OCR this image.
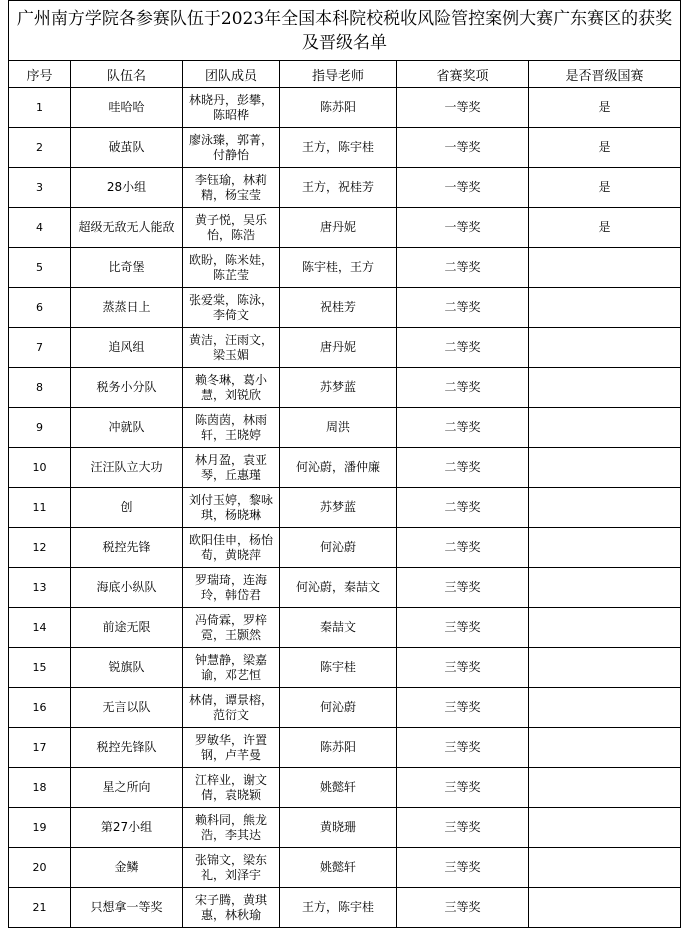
广州南方学院各参赛队伍于2023年全国本科院校税收风险管控案例大赛广东赛区的获奖及晋级名单					
序号	队伍名	团队成员	指导老师	省赛奖项	是否晋级国赛
1	哇哈哈	林晓丹，彭攀，陈昭桦	陈苏阳	一等奖	是
2	破茧队	廖泳臻，郭菁，付静怡	王方，陈宇桂	一等奖	是
3	28小组	李钰瑜，林莉精，杨宝莹	王方，祝桂芳	一等奖	是
4	超级无敌无人能敌	黄子悦，吴乐怡，陈浩	唐丹妮	一等奖	是
5	比奇堡	欧盼，陈米娃，陈芷莹	陈宇桂，王方	二等奖	
6	蒸蒸日上	张爱棠，陈泳，李倚文	祝桂芳	二等奖	
7	追风组	黄洁，汪雨文，梁玉媚	唐丹妮	二等奖	
8	税务小分队	赖冬琳，葛小慧，刘锐欣	苏梦蓝	二等奖	
9	冲就队	陈茵茵，林雨轩，王晓婷	周洪	二等奖	
10	汪汪队立大功	林月盈，袁亚琴，丘惠瑾	何沁蔚，潘仲廉	二等奖	
11	创	刘付玉婷，黎咏琪，杨晓琳	苏梦蓝	二等奖	
12	税控先锋	欧阳佳申，杨怡荀，黄晓萍	何沁蔚	二等奖	
13	海底小纵队	罗瑞琦，连海玲，韩岱君	何沁蔚，秦喆文	三等奖	
14	前途无限	冯倚霖，罗梓霓，王颢然	秦喆文	三等奖	
15	锐旗队	钟慧静，梁嘉谕，邓艺恒	陈宇桂	三等奖	
16	无言以队	林倩，谭景榕，范衍文	何沁蔚	三等奖	
17	税控先锋队	罗敏华，许置钢，卢芊曼	陈苏阳	三等奖	
18	星之所向	江梓业，谢文倩，袁晓颖	姚懿轩	三等奖	
19	第27小组	赖科同，熊龙浩，李其达	黄晓珊	三等奖	
20	金鳞	张锦文，梁东礼，刘泽宇	姚懿轩	三等奖	
21	只想拿一等奖	宋子腾，黄琪惠，林秋瑜	王方，陈宇桂	三等奖	
